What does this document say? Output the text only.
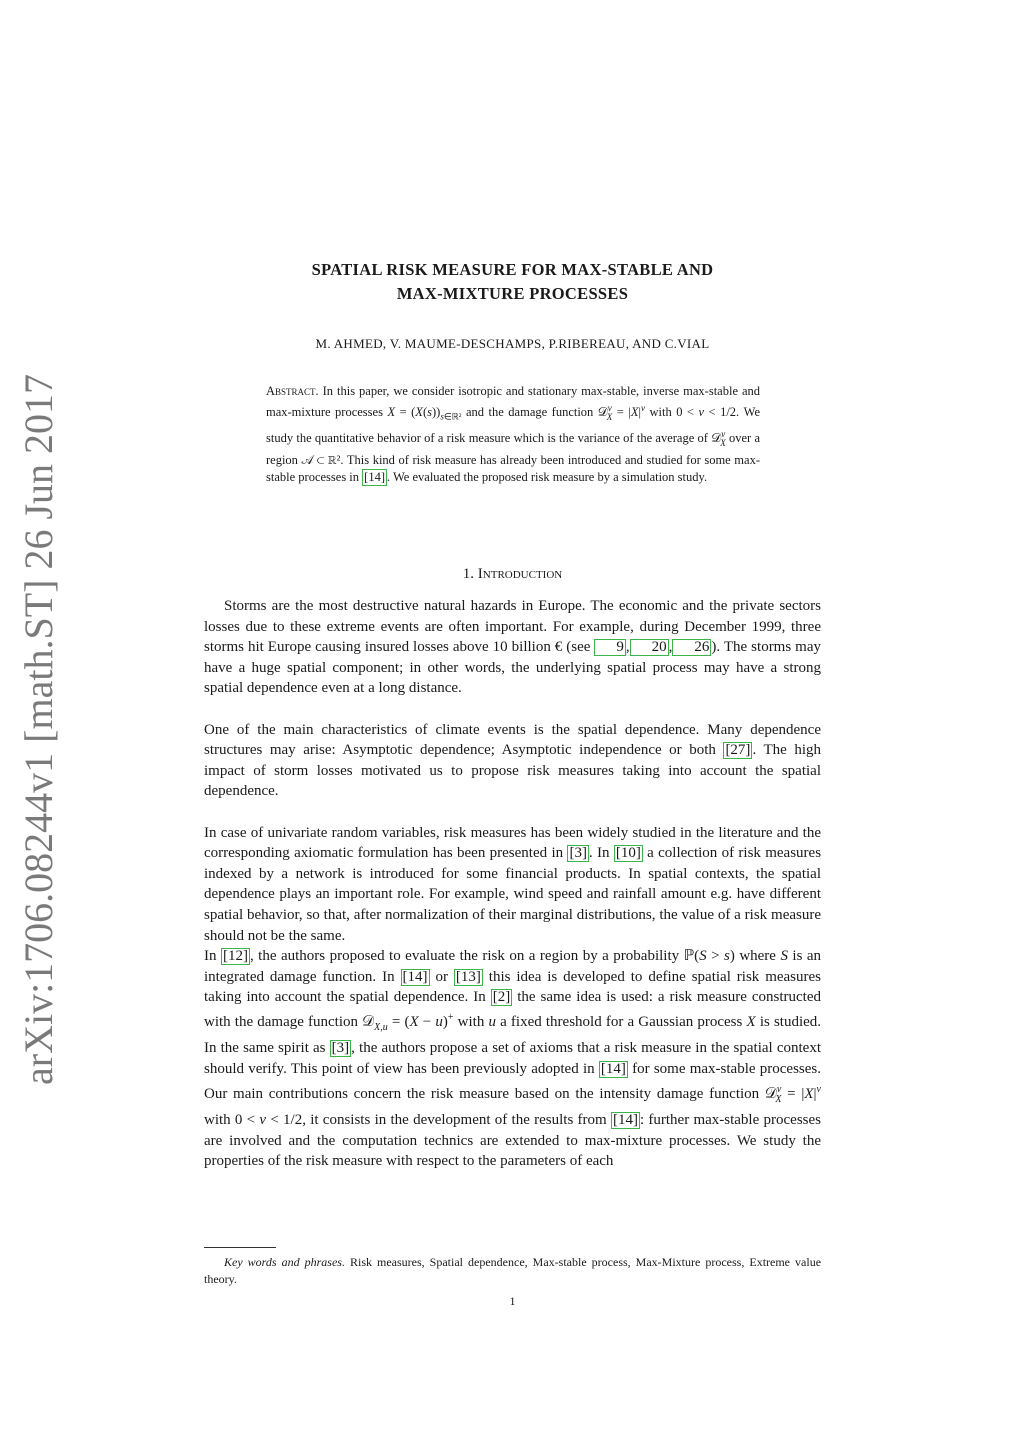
arXiv:1706.08244v1 [math.ST] 26 Jun 2017
SPATIAL RISK MEASURE FOR MAX-STABLE AND
MAX-MIXTURE PROCESSES
M. AHMED, V. MAUME-DESCHAMPS, P.RIBEREAU, AND C.VIAL
Abstract. In this paper, we consider isotropic and stationary max-stable, inverse max-stable and max-mixture processes $X = (X(s))_{s\in ℝ^2}$ and the damage function 𝒟$^\nu_X$ = $|X|^\nu$ with 0 < ν < 1/2. We study the quantitative behavior of a risk measure which is the variance of the average of 𝒟$^\nu_X$ over a region 𝒜 ⊂ ℝ². This kind of risk measure has already been introduced and studied for some max-stable processes in [14] . We evaluated the proposed risk measure by a simulation study.
1. Introduction

Storms are the most destructive natural hazards in Europe. The economic and the private sectors losses due to these extreme events are often important. For example, during December 1999, three storms hit Europe causing insured losses above 10 billion € (see 9 , 20 , 26 ). The storms may have a huge spatial component; in other words, the underlying spatial process may have a strong spatial dependence even at a long distance.

One of the main characteristics of climate events is the spatial dependence. Many dependence structures may arise: Asymptotic dependence; Asymptotic independence or both [27] . The high impact of storm losses motivated us to propose risk measures taking into account the spatial dependence.

In case of univariate random variables, risk measures has been widely studied in the literature and the corresponding axiomatic formulation has been presented in [3] . In [10] a collection of risk measures indexed by a network is introduced for some financial products. In spatial contexts, the spatial dependence plays an important role. For example, wind speed and rainfall amount e.g. have different spatial behavior, so that, after normalization of their marginal distributions, the value of a risk measure should not be the same.

In [12] , the authors proposed to evaluate the risk on a region by a probability ℙ(S > s) where S is an integrated damage function. In [14] or [13] this idea is developed to define spatial risk measures taking into account the spatial dependence. In [2] the same idea is used: a risk measure constructed with the damage function 𝒟$_{X,u}$ = (X − u)+ with u a fixed threshold for a Gaussian process X is studied. In the same spirit as [3] , the authors propose a set of axioms that a risk measure in the spatial context should verify. This point of view has been previously adopted in [14] for some max-stable processes. Our main contributions concern the risk measure based on the intensity damage function 𝒟$^\nu_X$ = $|X|^\nu$ with 0 < ν < 1/2, it consists in the development of the results from [14] : further max-stable processes are involved and the computation technics are extended to max-mixture processes. We study the properties of the risk measure with respect to the parameters of each

Key words and phrases. Risk measures, Spatial dependence, Max-stable process, Max-Mixture process, Extreme value theory.
1
